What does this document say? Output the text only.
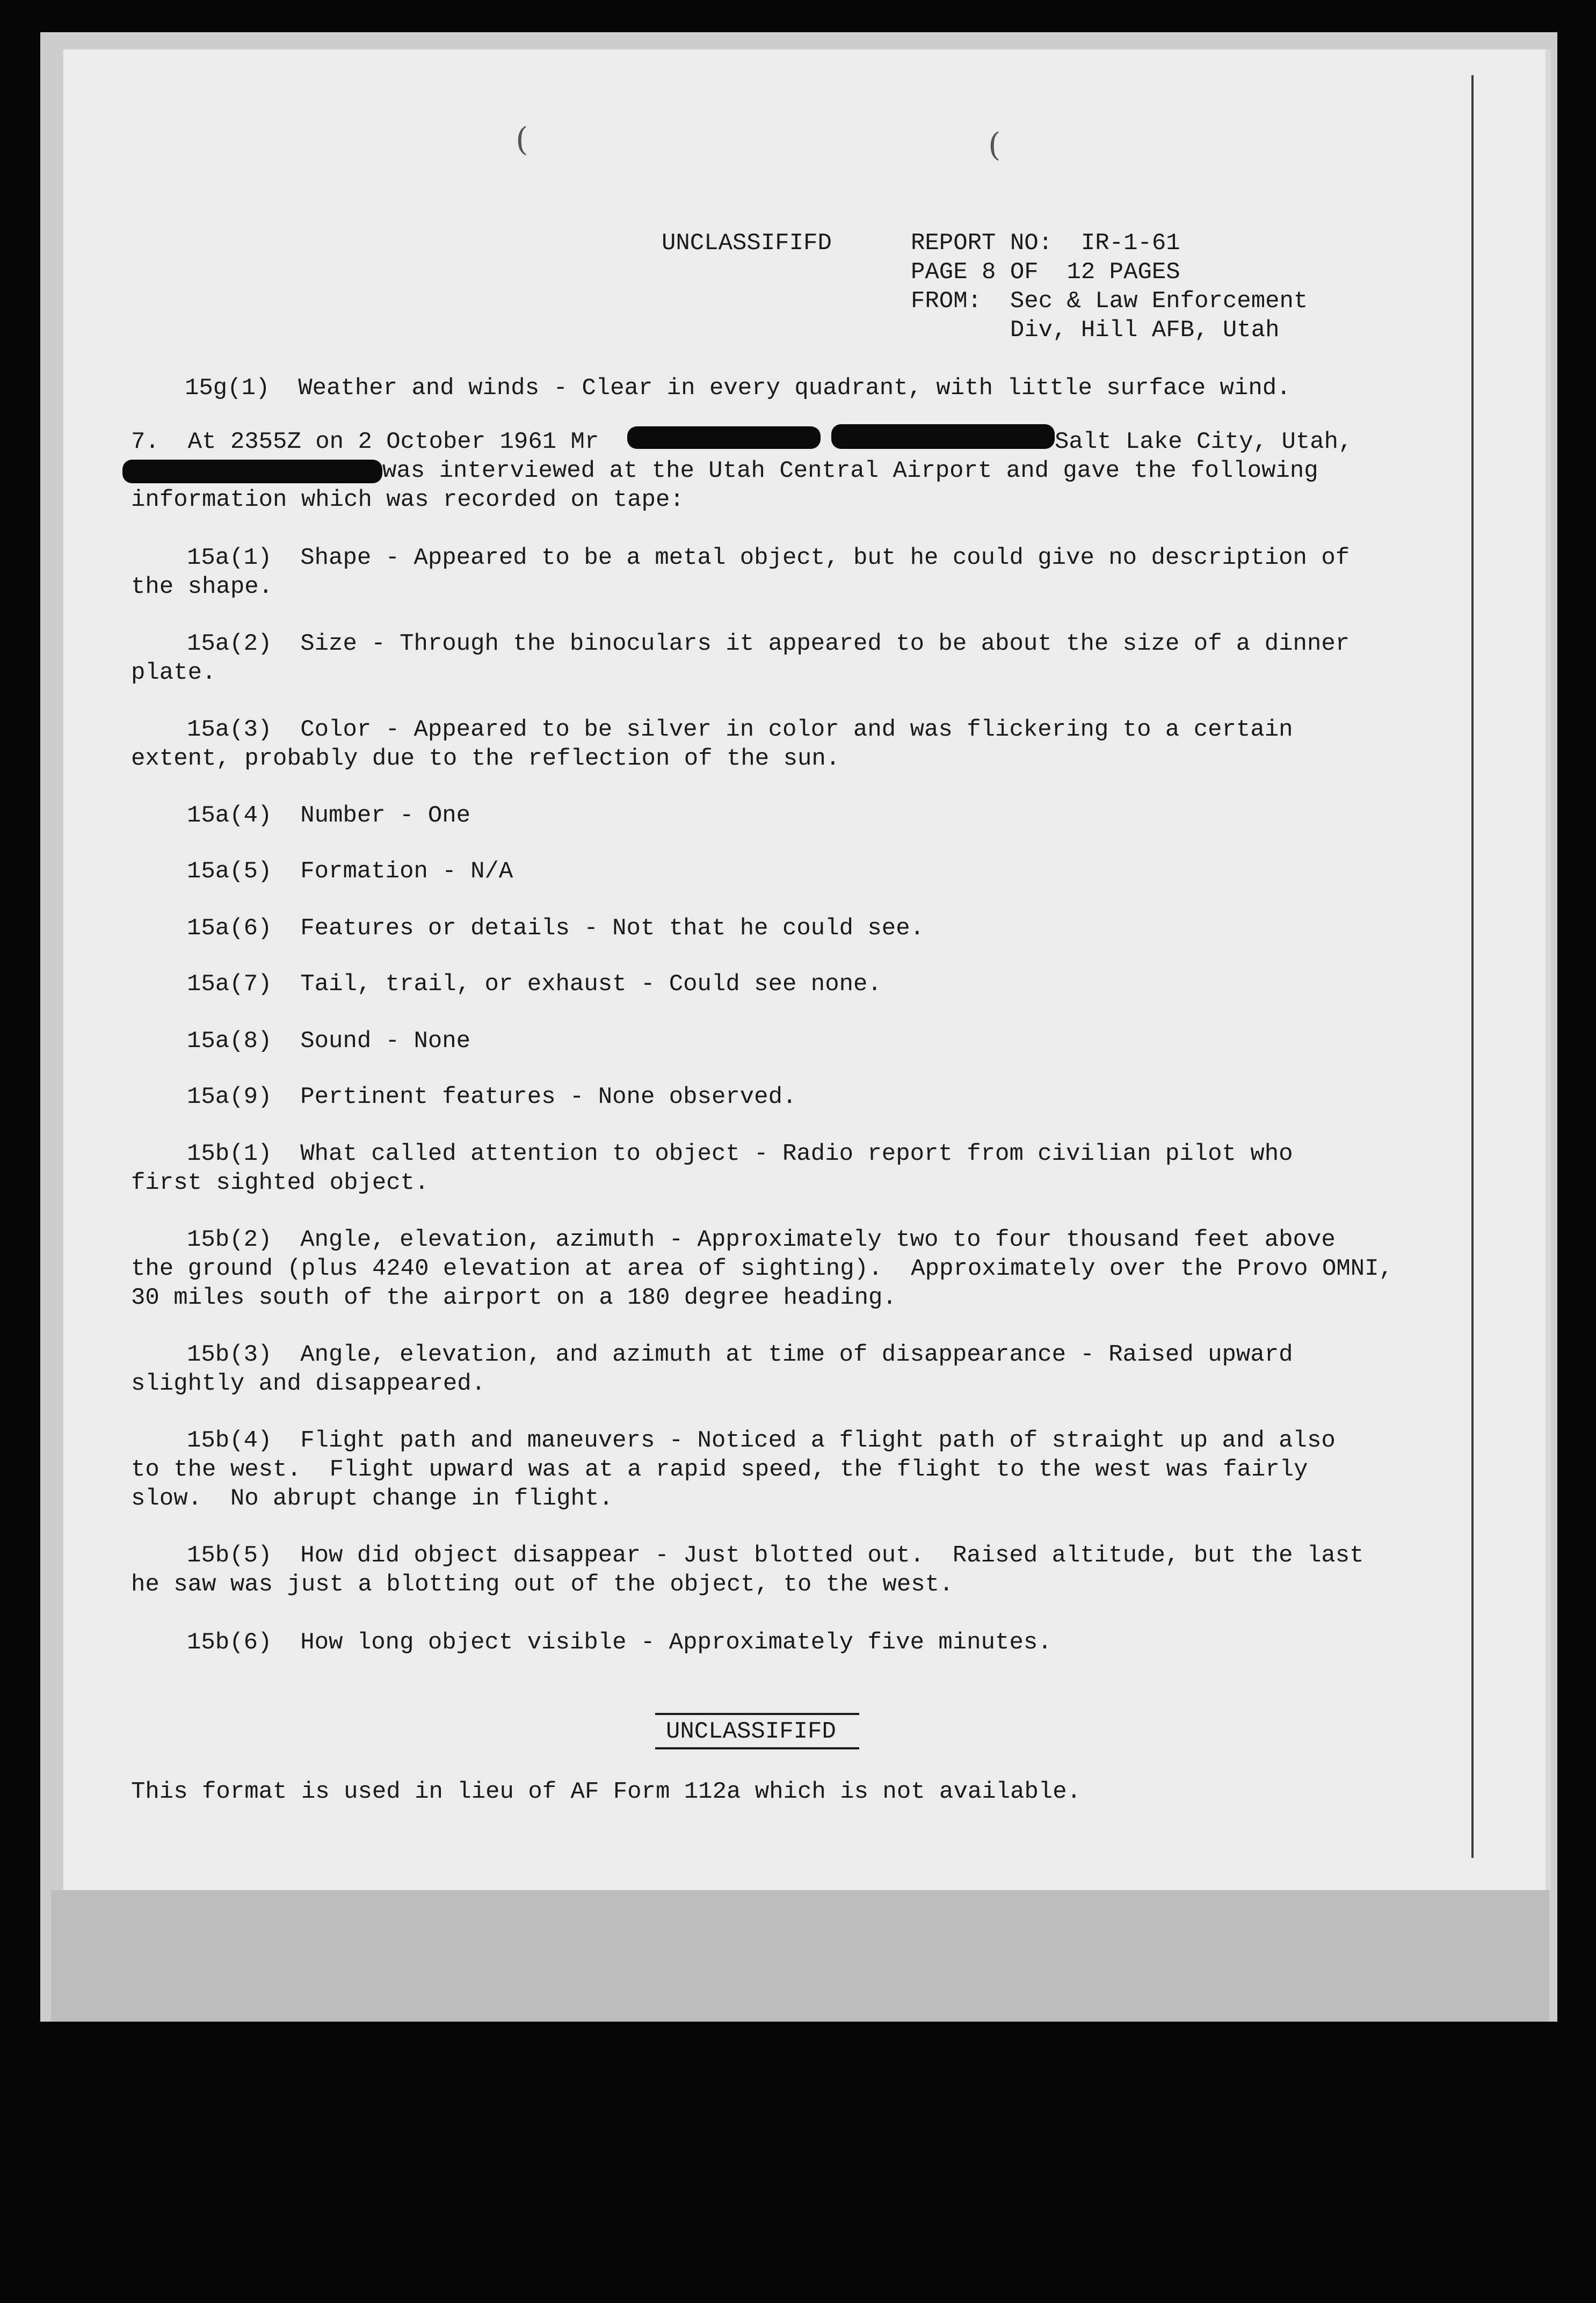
(	(

UNCLASSIFIFD

	REPORT NO:  IR-1-61

PAGE 8 OF  12 PAGES

FROM:  Sec & Law Enforcement

Div, Hill AFB, Utah

15g(1)  Weather and winds - Clear in every quadrant, with little surface wind.

7.  At 2355Z on 2 October 1961 Mr

	Salt Lake City, Utah,

was interviewed at the Utah Central Airport and gave the following

information which was recorded on tape:

15a(1)  Shape - Appeared to be a metal object, but he could give no description of

the shape.

15a(2)  Size - Through the binoculars it appeared to be about the size of a dinner

plate.

15a(3)  Color - Appeared to be silver in color and was flickering to a certain

extent, probably due to the reflection of the sun.

15a(4)  Number - One

15a(5)  Formation - N/A

15a(6)  Features or details - Not that he could see.

15a(7)  Tail, trail, or exhaust - Could see none.

15a(8)  Sound - None

15a(9)  Pertinent features - None observed.

15b(1)  What called attention to object - Radio report from civilian pilot who

first sighted object.

15b(2)  Angle, elevation, azimuth - Approximately two to four thousand feet above

the ground (plus 4240 elevation at area of sighting).  Approximately over the Provo OMNI,

30 miles south of the airport on a 180 degree heading.

15b(3)  Angle, elevation, and azimuth at time of disappearance - Raised upward

slightly and disappeared.

15b(4)  Flight path and maneuvers - Noticed a flight path of straight up and also

to the west.  Flight upward was at a rapid speed, the flight to the west was fairly

slow.  No abrupt change in flight.

15b(5)  How did object disappear - Just blotted out.  Raised altitude, but the last

he saw was just a blotting out of the object, to the west.

15b(6)  How long object visible - Approximately five minutes.

UNCLASSIFIFD

This format is used in lieu of AF Form 112a which is not available.
